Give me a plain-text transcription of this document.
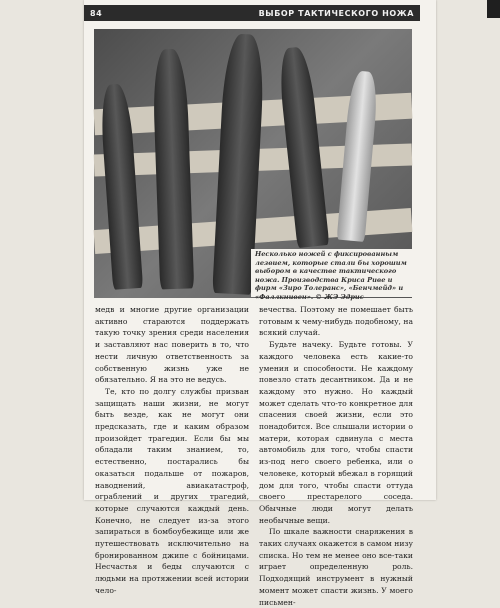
84	ВЫБОР ТАКТИЧЕСКОГО НОЖА
Несколько ножей с фиксированным лезвием, которые стали бы хорошим выбором в качестве тактического ножа. Производства Криса Риве и фирм «Зиро Толеранс», «Бенчмейд» и «Фаллкнивен». © ЖЭ Эдрис

медв и многие другие организации активно стараются поддержать такую точку зрения среди населения и заставляют нас поверить в то, что нести личную ответственность за собственную жизнь уже не обязательно. Я на это не ведусь.

Те, кто по долгу службы призван защищать наши жизни, не могут быть везде, как не могут они предсказать, где и каким образом произойдет трагедия. Если бы мы обладали таким знанием, то, естественно, постарались бы оказаться подальше от пожаров, наводнений, авиакатастроф, ограблений и других трагедий, которые случаются каждый день. Конечно, не следует из-за этого запираться в бомбоубежище или же путешествовать исключительно на бронированном джипе с бойницами. Несчастья и беды случаются с людьми на протяжении всей истории чело-

вечества. Поэтому не помешает быть готовым к чему-нибудь подобному, на всякий случай.

Будьте начеку. Будьте готовы. У каждого человека есть какие-то умения и способности. Не каждому повезло стать десантником. Да и не каждому это нужно. Но каждый может сделать что-то конкретное для спасения своей жизни, если это понадобится. Все слышали истории о матери, которая сдвинула с места автомобиль для того, чтобы спасти из-под него своего ребенка, или о человеке, который вбежал в горящий дом для того, чтобы спасти оттуда своего престарелого соседа. Обычные люди могут делать необычные вещи.

По шкале важности снаряжения в таких случаях окажется в самом низу списка. Но тем не менее оно все-таки играет определенную роль. Подходящий инструмент в нужный момент может спасти жизнь. У моего письмен-
